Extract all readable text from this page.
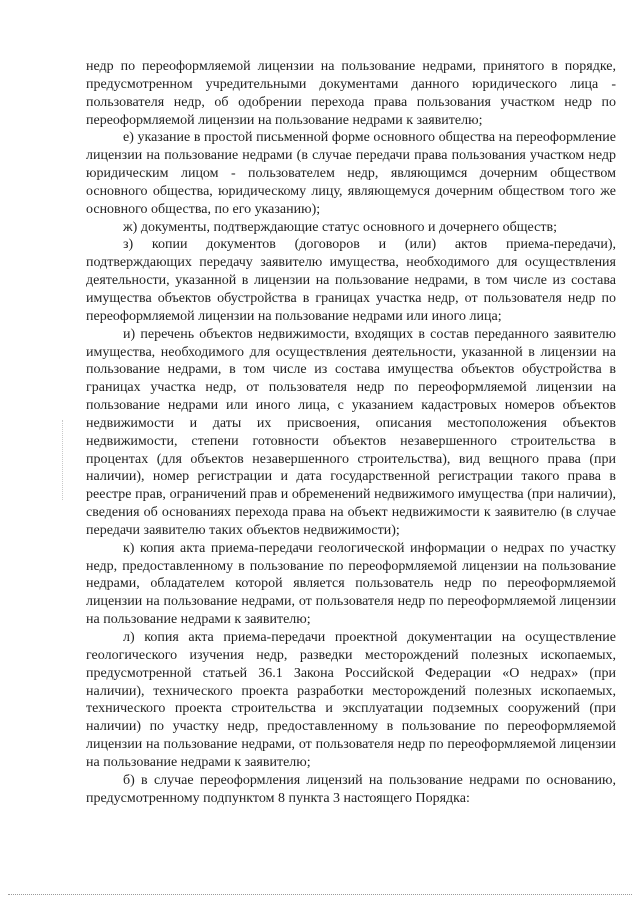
недр по переоформляемой лицензии на пользование недрами, принятого в порядке, предусмотренном учредительными документами данного юридического лица - пользователя недр, об одобрении перехода права пользования участком недр по переоформляемой лицензии на пользование недрами к заявителю;

е) указание в простой письменной форме основного общества на переоформление лицензии на пользование недрами (в случае передачи права пользования участком недр юридическим лицом - пользователем недр, являющимся дочерним обществом основного общества, юридическому лицу, являющемуся дочерним обществом того же основного общества, по его указанию);

ж) документы, подтверждающие статус основного и дочернего обществ;

з) копии документов (договоров и (или) актов приема-передачи), подтверждающих передачу заявителю имущества, необходимого для осуществления деятельности, указанной в лицензии на пользование недрами, в том числе из состава имущества объектов обустройства в границах участка недр, от пользователя недр по переоформляемой лицензии на пользование недрами или иного лица;

и) перечень объектов недвижимости, входящих в состав переданного заявителю имущества, необходимого для осуществления деятельности, указанной в лицензии на пользование недрами, в том числе из состава имущества объектов обустройства в границах участка недр, от пользователя недр по переоформляемой лицензии на пользование недрами или иного лица, с указанием кадастровых номеров объектов недвижимости и даты их присвоения, описания местоположения объектов недвижимости, степени готовности объектов незавершенного строительства в процентах (для объектов незавершенного строительства), вид вещного права (при наличии), номер регистрации и дата государственной регистрации такого права в реестре прав, ограничений прав и обременений недвижимого имущества (при наличии), сведения об основаниях перехода права на объект недвижимости к заявителю (в случае передачи заявителю таких объектов недвижимости);

к) копия акта приема-передачи геологической информации о недрах по участку недр, предоставленному в пользование по переоформляемой лицензии на пользование недрами, обладателем которой является пользователь недр по переоформляемой лицензии на пользование недрами, от пользователя недр по переоформляемой лицензии на пользование недрами к заявителю;

л) копия акта приема-передачи проектной документации на осуществление геологического изучения недр, разведки месторождений полезных ископаемых, предусмотренной статьей 36.1 Закона Российской Федерации «О недрах» (при наличии), технического проекта разработки месторождений полезных ископаемых, технического проекта строительства и эксплуатации подземных сооружений (при наличии) по участку недр, предоставленному в пользование по переоформляемой лицензии на пользование недрами, от пользователя недр по переоформляемой лицензии на пользование недрами к заявителю;

б) в случае переоформления лицензий на пользование недрами по основанию, предусмотренному подпунктом 8 пункта 3 настоящего Порядка:
